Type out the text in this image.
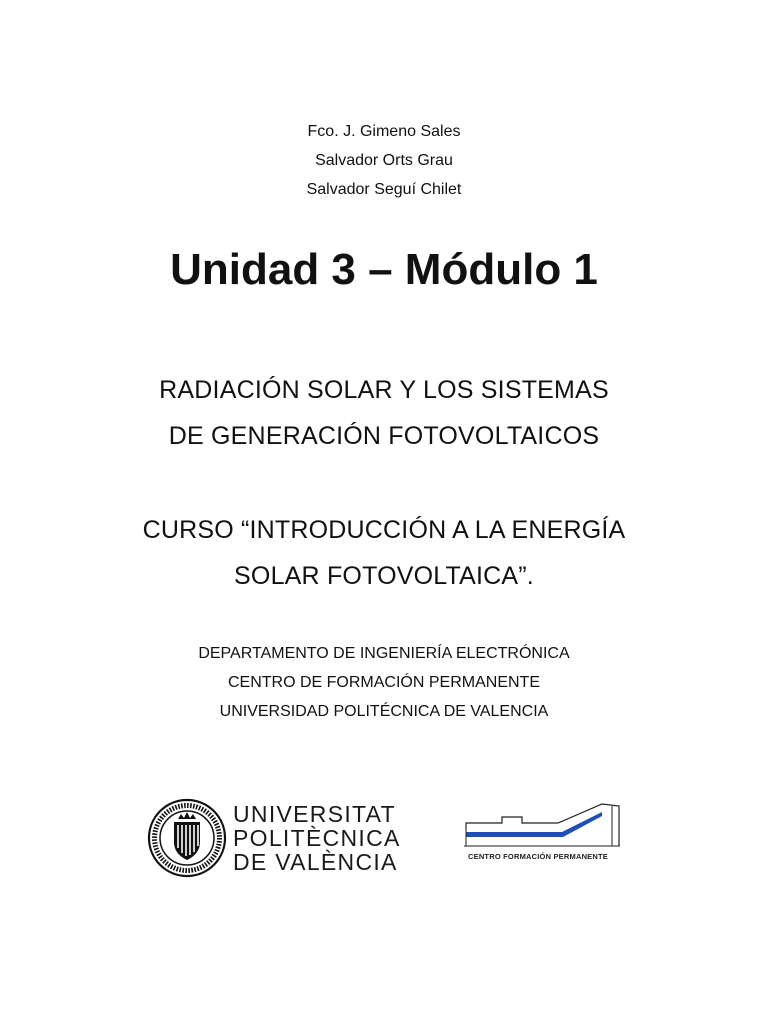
Fco. J. Gimeno Sales
Salvador Orts Grau
Salvador Seguí Chilet
Unidad 3 – Módulo 1
RADIACIÓN SOLAR Y LOS SISTEMAS
DE GENERACIÓN FOTOVOLTAICOS
CURSO “INTRODUCCIÓN A LA ENERGÍA
SOLAR FOTOVOLTAICA”.
DEPARTAMENTO DE INGENIERÍA ELECTRÓNICA
CENTRO DE FORMACIÓN PERMANENTE
UNIVERSIDAD POLITÉCNICA DE VALENCIA
UNIVERSITAT
POLITÈCNICA
DE VALÈNCIA	CENTRO FORMACIÓN PERMANENTE
